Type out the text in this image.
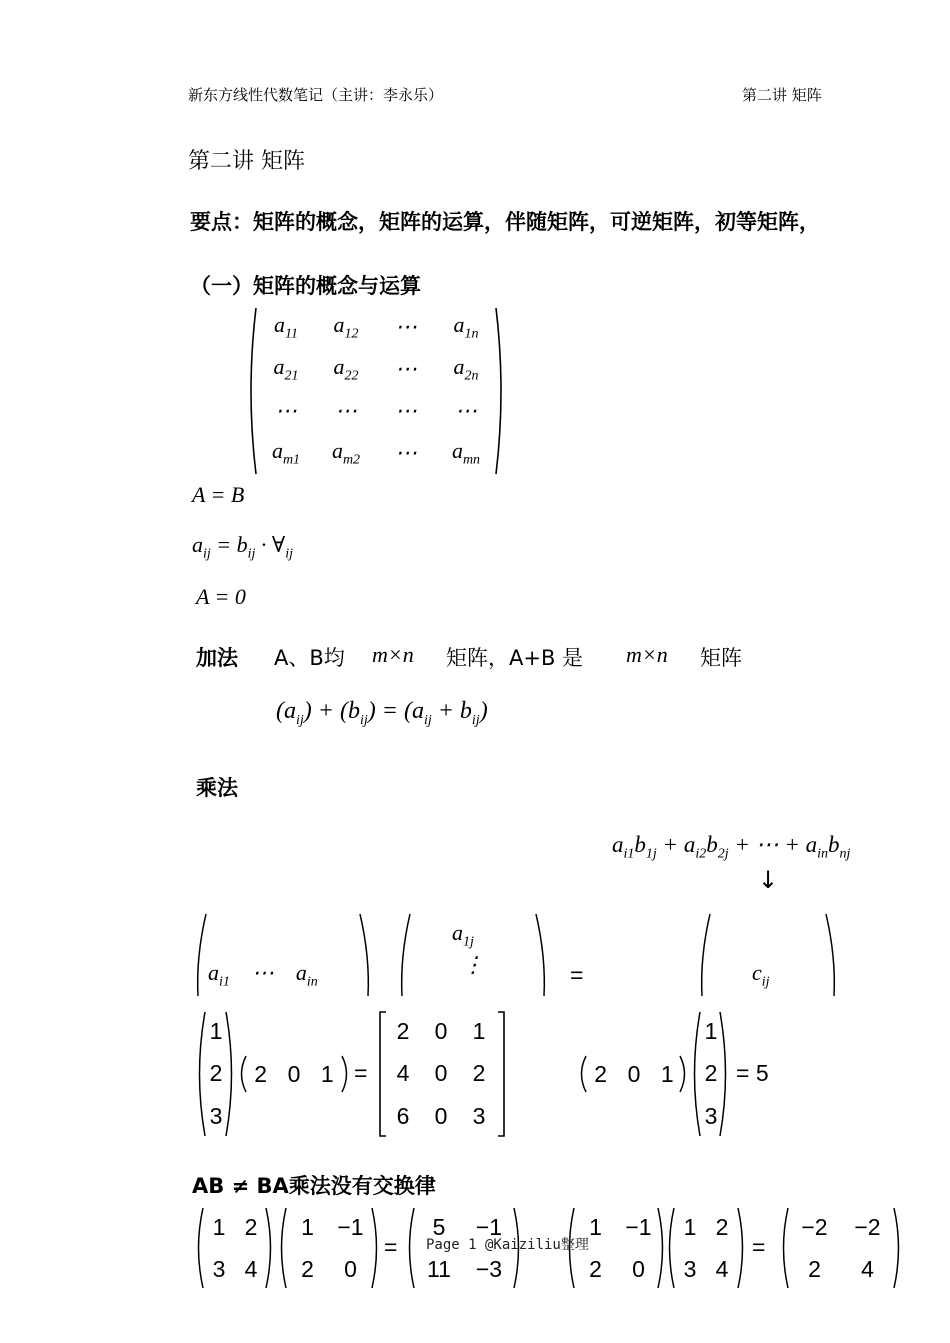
新东方线性代数笔记（主讲：李永乐）	第二讲 矩阵
第二讲 矩阵
要点：矩阵的概念，矩阵的运算，伴随矩阵，可逆矩阵，初等矩阵，
（一）矩阵的概念与运算
$a_{11}$ $a_{12}$ ⋯ $a_{1n}$
$a_{21}$ $a_{22}$ ⋯ $a_{2n}$
⋯ ⋯ ⋯ ⋯
$a_{m1}$ $a_{m2}$ ⋯ $a_{mn}$
A = B
$a_{ij} = b_{ij}$ · $\forall_{ij}$
A = 0
加法 A、B均 m×n 矩阵，A+B 是 m×n 矩阵
$(a_{ij}) + (b_{ij}) = (a_{ij} + b_{ij})$
乘法
$a_{i1}b_{1j} + a_{i2}b_{2j}$ + ⋯ + $a_{in}b_{nj}$
↓
$a_{i1}$    ⋯    $a_{in}$
$a_{1j}$
⋮	=	$c_{ij}$
1
2
3
2 0 1 =
2 0 1
4 0 2
6 0 3
2 0 1
1
2
3
= 5
AB ≠ BA乘法没有交换律
1 2
3 4
1 −1
2 0
=
5 −1
11 −3
1 −1
2 0
1 2
3 4
=
−2 −2
2 4
Page 1 @Kaiziliu整理
